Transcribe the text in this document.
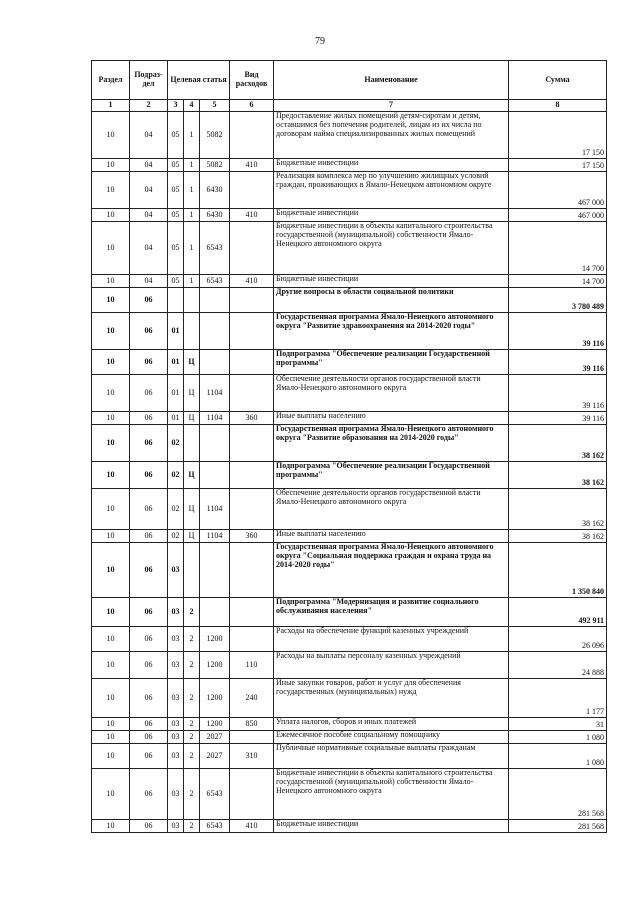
79
Раздел	Подраз-дел	Целевая статья			Вид расходов	Наименование	Сумма
1	2	3	4	5	6	7	8
10	04	05	1	5082		Предоставление жилых помещений детям-сиротам и детям, оставшимся без попечения родителей, лицам из их числа по договорам найма специализированных жилых помещений	17 150
10	04	05	1	5082	410	Бюджетные инвестиции	17 150
10	04	05	1	6430		Реализация комплекса мер по улучшению жилищных условий граждан, проживающих в Ямало-Ненецком автономном округе	467 000
10	04	05	1	6430	410	Бюджетные инвестиции	467 000
10	04	05	1	6543		Бюджетные инвестиции в объекты капитального строительства государственной (муниципальной) собственности Ямало-Ненецкого автономного округа	14 700
10	04	05	1	6543	410	Бюджетные инвестиции	14 700
10	06					Другие вопросы в области социальной политики	3 780 489
10	06	01				Государственная программа Ямало-Ненецкого автономного округа "Развитие здравоохранения на 2014-2020 годы"	39 116
10	06	01	Ц			Подпрограмма "Обеспечение реализации Государственной программы"	39 116
10	06	01	Ц	1104		Обеспечение деятельности органов государственной власти Ямало-Ненецкого автономного округа	39 116
10	06	01	Ц	1104	360	Иные выплаты населению	39 116
10	06	02				Государственная программа Ямало-Ненецкого автономного округа "Развитие образования на 2014-2020 годы"	38 162
10	06	02	Ц			Подпрограмма "Обеспечение реализации Государственной программы"	38 162
10	06	02	Ц	1104		Обеспечение деятельности органов государственной власти Ямало-Ненецкого автономного округа	38 162
10	06	02	Ц	1104	360	Иные выплаты населению	38 162
10	06	03				Государственная программа Ямало-Ненецкого автономного округа "Социальная поддержка граждан и охрана труда на 2014-2020 годы"	1 350 840
10	06	03	2			Подпрограмма "Модернизация и развитие социального обслуживания населения"	492 911
10	06	03	2	1200		Расходы на обеспечение функций казенных учреждений	26 096
10	06	03	2	1200	110	Расходы на выплаты персоналу казенных учреждений	24 888
10	06	03	2	1200	240	Иные закупки товаров, работ и услуг для обеспечения государственных (муниципальных) нужд	1 177
10	06	03	2	1200	850	Уплата налогов, сборов и иных платежей	31
10	06	03	2	2027		Ежемесячное пособие социальному помощнику	1 080
10	06	03	2	2027	310	Публичные нормативные социальные выплаты гражданам	1 080
10	06	03	2	6543		Бюджетные инвестиции в объекты капитального строительства государственной (муниципальной) собственности Ямало-Ненецкого автономного округа	281 568
10	06	03	2	6543	410	Бюджетные инвестиции	281 568
